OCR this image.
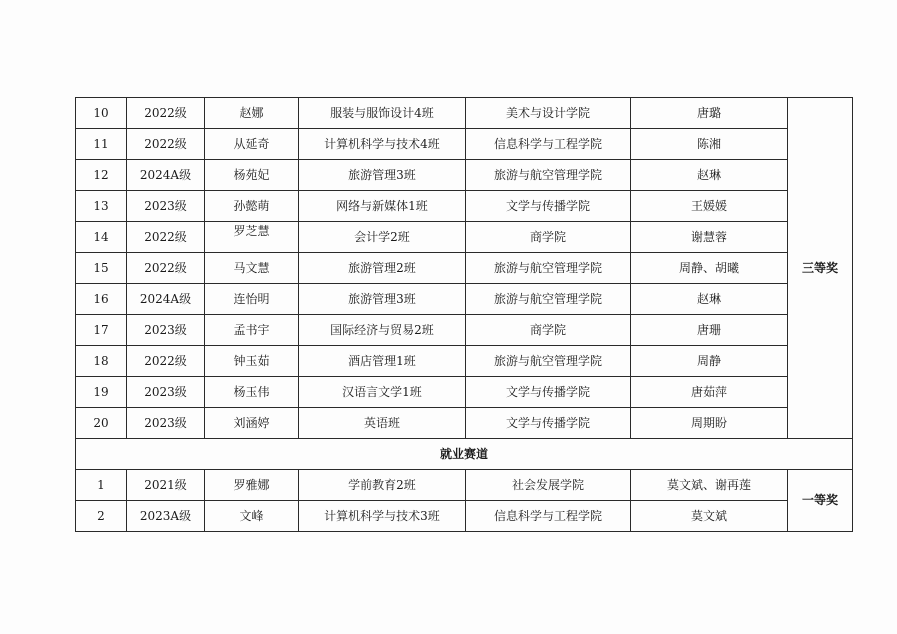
10	2022级	赵娜	服装与服饰设计4班	美术与设计学院	唐璐	三等奖
11	2022级	从延奇	计算机科学与技术4班	信息科学与工程学院	陈湘	
12	2024A级	杨苑妃	旅游管理3班	旅游与航空管理学院	赵琳	
13	2023级	孙懿萌	网络与新媒体1班	文学与传播学院	王媛媛	
14	2022级	罗芝慧	会计学2班	商学院	谢慧蓉	
15	2022级	马文慧	旅游管理2班	旅游与航空管理学院	周静、胡曦	
16	2024A级	连怡明	旅游管理3班	旅游与航空管理学院	赵琳	
17	2023级	孟书宇	国际经济与贸易2班	商学院	唐珊	
18	2022级	钟玉茹	酒店管理1班	旅游与航空管理学院	周静	
19	2023级	杨玉伟	汉语言文学1班	文学与传播学院	唐茹萍	
20	2023级	刘涵婷	英语班	文学与传播学院	周期盼	
就业赛道						
1	2021级	罗雅娜	学前教育2班	社会发展学院	莫文斌、谢再莲	一等奖
2	2023A级	文峰	计算机科学与技术3班	信息科学与工程学院	莫文斌	
